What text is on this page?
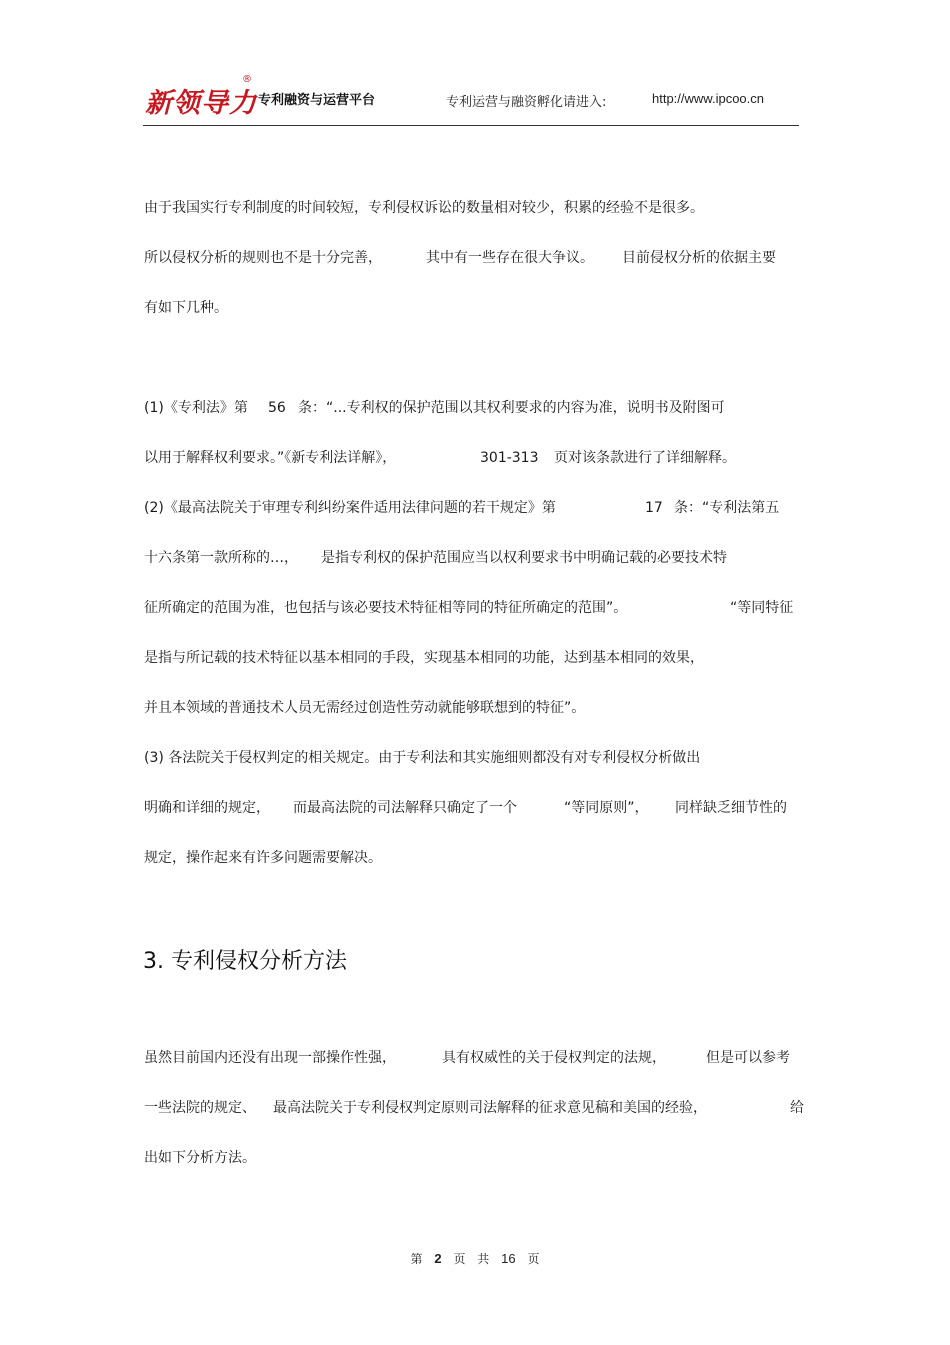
新领导力
®
专利融资与运营平台	专利运营与融资孵化请进入:	http://www.ipcoo.cn
由于我国实行专利制度的时间较短，专利侵权诉讼的数量相对较少，积累的经验不是很多。
所以侵权分析的规则也不是十分完善，	其中有一些存在很大争议。 目前侵权分析的依据主要
有如下几种。
(1)《专利法》第 56 条：“...专利权的保护范围以其权利要求的内容为准，说明书及附图可
以用于解释权利要求。”《新专利法详解》，	301-313 页对该条款进行了详细解释。
(2)《最高法院关于审理专利纠纷案件适用法律问题的若干规定》第	17 条：“专利法第五
十六条第一款所称的…， 是指专利权的保护范围应当以权利要求书中明确记载的必要技术特
征所确定的范围为准，也包括与该必要技术特征相等同的特征所确定的范围”。	“等同特征
是指与所记载的技术特征以基本相同的手段，实现基本相同的功能，达到基本相同的效果，
并且本领域的普通技术人员无需经过创造性劳动就能够联想到的特征”。
(3) 各法院关于侵权判定的相关规定。由于专利法和其实施细则都没有对专利侵权分析做出
明确和详细的规定， 而最高法院的司法解释只确定了一个	“等同原则”， 同样缺乏细节性的
规定，操作起来有许多问题需要解决。
3. 专利侵权分析方法
虽然目前国内还没有出现一部操作性强，	具有权威性的关于侵权判定的法规，	但是可以参考
一些法院的规定、 最高法院关于专利侵权判定原则司法解释的征求意见稿和美国的经验，	给
出如下分析方法。
第 2 页 共 16 页
